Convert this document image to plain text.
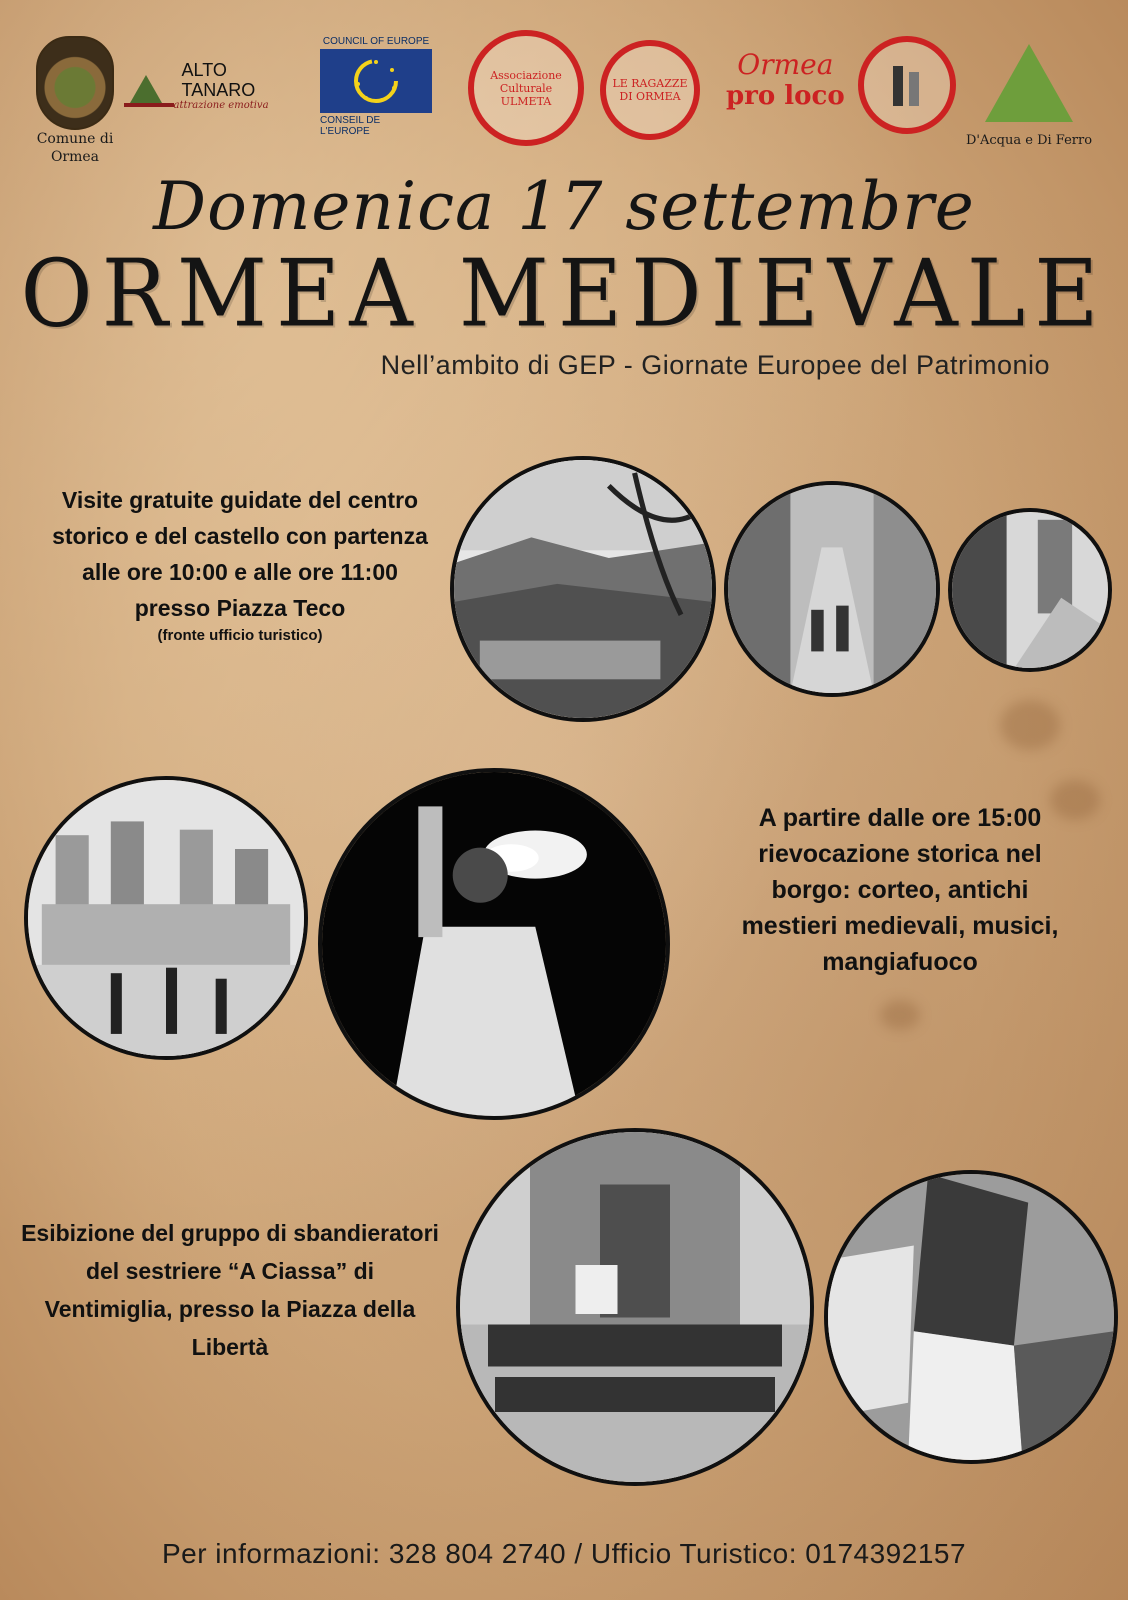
Comune di Ormea
ALTO TANARO
attrazione emotiva
COUNCIL OF EUROPE
CONSEIL DE L'EUROPE
Associazione Culturale ULMETA
LE RAGAZZE DI ORMEA
Ormea
pro loco
D'Acqua e Di Ferro
Domenica 17 settembre
ORMEA MEDIEVALE
Nell’ambito di GEP - Giornate Europee del Patrimonio
Visite gratuite guidate del centro storico e del castello con partenza alle ore 10:00 e alle ore 11:00 presso Piazza Teco
(fronte ufficio turistico)
A partire dalle ore 15:00 rievocazione storica nel borgo: corteo, antichi mestieri medievali, musici, mangiafuoco
Esibizione del gruppo di sbandieratori del sestriere “A Ciassa” di Ventimiglia, presso la Piazza della Libertà
Per informazioni: 328 804 2740 / Ufficio Turistico: 0174392157
